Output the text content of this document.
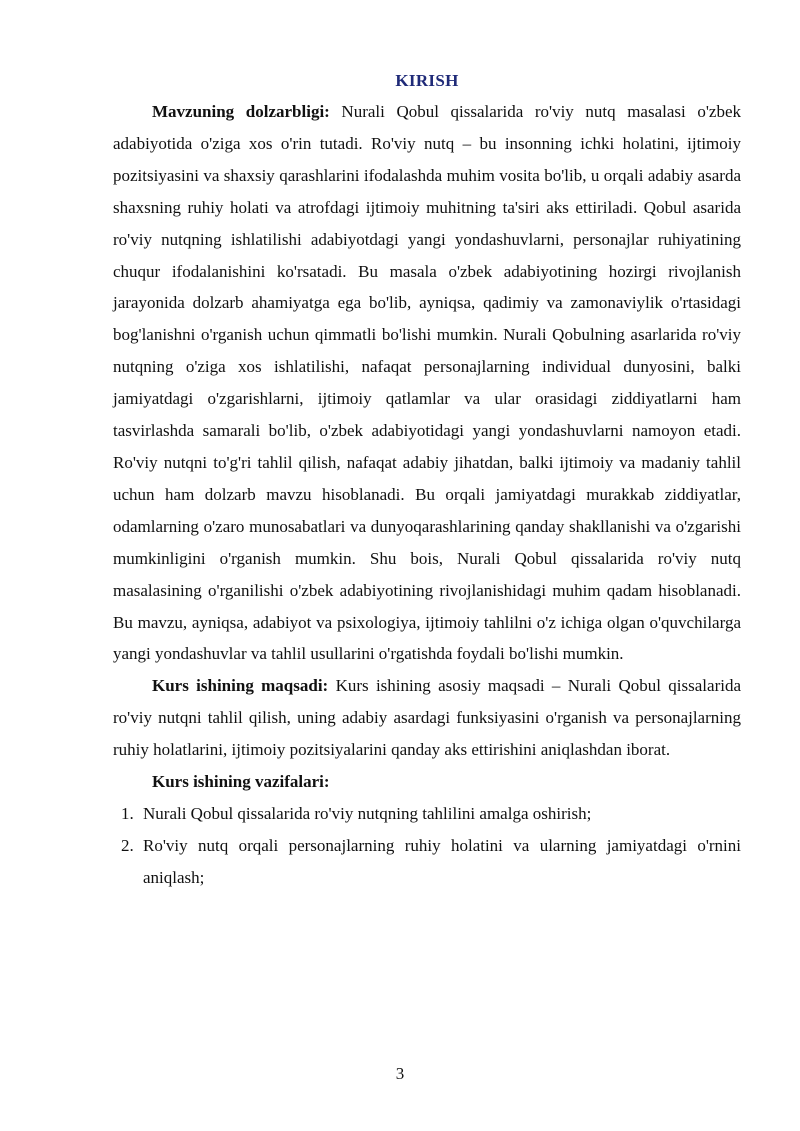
KIRISH

Mavzuning dolzarbligi: Nurali Qobul qissalarida ro'viy nutq masalasi o'zbek adabiyotida o'ziga xos o'rin tutadi. Ro'viy nutq – bu insonning ichki holatini, ijtimoiy pozitsiyasini va shaxsiy qarashlarini ifodalashda muhim vosita bo'lib, u orqali adabiy asarda shaxsning ruhiy holati va atrofdagi ijtimoiy muhitning ta'siri aks ettiriladi. Qobul asarida ro'viy nutqning ishlatilishi adabiyotdagi yangi yondashuvlarni, personajlar ruhiyatining chuqur ifodalanishini ko'rsatadi. Bu masala o'zbek adabiyotining hozirgi rivojlanish jarayonida dolzarb ahamiyatga ega bo'lib, ayniqsa, qadimiy va zamonaviylik o'rtasidagi bog'lanishni o'rganish uchun qimmatli bo'lishi mumkin. Nurali Qobulning asarlarida ro'viy nutqning o'ziga xos ishlatilishi, nafaqat personajlarning individual dunyosini, balki jamiyatdagi o'zgarishlarni, ijtimoiy qatlamlar va ular orasidagi ziddiyatlarni ham tasvirlashda samarali bo'lib, o'zbek adabiyotidagi yangi yondashuvlarni namoyon etadi. Ro'viy nutqni to'g'ri tahlil qilish, nafaqat adabiy jihatdan, balki ijtimoiy va madaniy tahlil uchun ham dolzarb mavzu hisoblanadi. Bu orqali jamiyatdagi murakkab ziddiyatlar, odamlarning o'zaro munosabatlari va dunyoqarashlarining qanday shakllanishi va o'zgarishi mumkinligini o'rganish mumkin. Shu bois, Nurali Qobul qissalarida ro'viy nutq masalasining o'rganilishi o'zbek adabiyotining rivojlanishidagi muhim qadam hisoblanadi. Bu mavzu, ayniqsa, adabiyot va psixologiya, ijtimoiy tahlilni o'z ichiga olgan o'quvchilarga yangi yondashuvlar va tahlil usullarini o'rgatishda foydali bo'lishi mumkin.

Kurs ishining maqsadi: Kurs ishining asosiy maqsadi – Nurali Qobul qissalarida ro'viy nutqni tahlil qilish, uning adabiy asardagi funksiyasini o'rganish va personajlarning ruhiy holatlarini, ijtimoiy pozitsiyalarini qanday aks ettirishini aniqlashdan iborat.

Kurs ishining vazifalari:
1. Nurali Qobul qissalarida ro'viy nutqning tahlilini amalga oshirish;
2. Ro'viy nutq orqali personajlarning ruhiy holatini va ularning jamiyatdagi o'rnini aniqlash;
3
